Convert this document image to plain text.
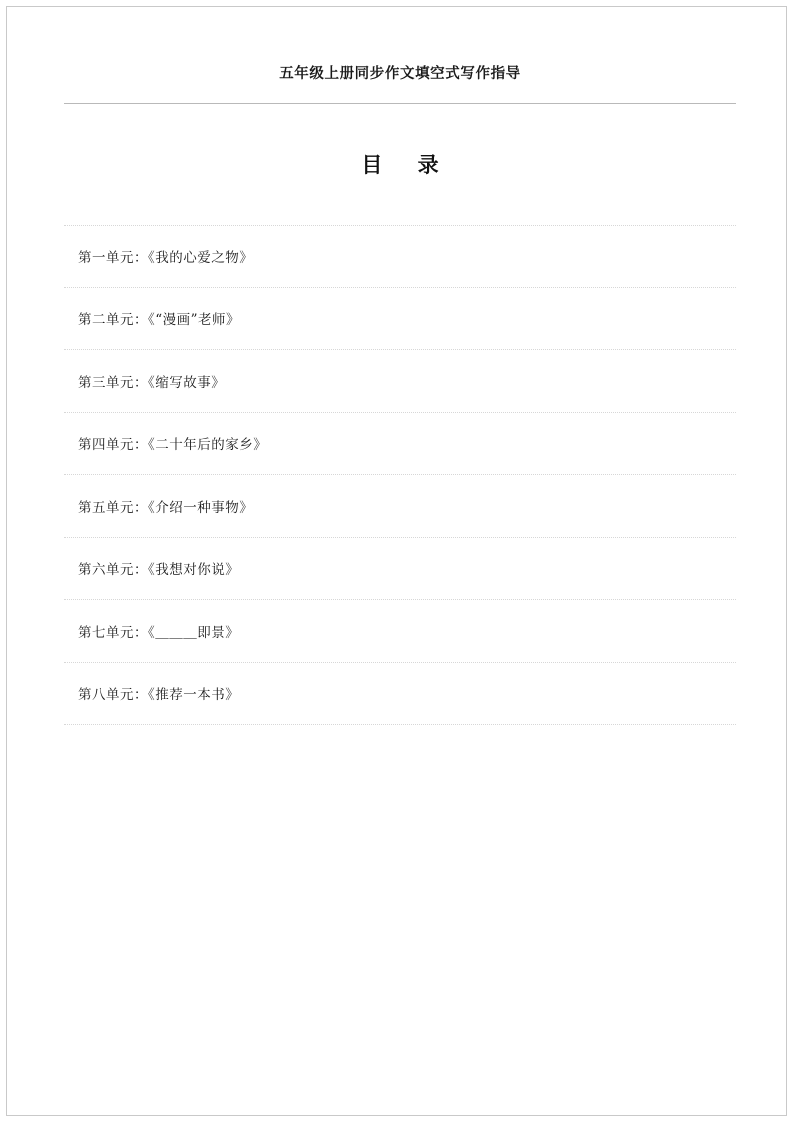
五年级上册同步作文填空式写作指导
目 录
第一单元：《我的心爱之物》
第二单元：《“漫画”老师》
第三单元：《缩写故事》
第四单元：《二十年后的家乡》
第五单元：《介绍一种事物》
第六单元：《我想对你说》
第七单元：《＿＿＿即景》
第八单元：《推荐一本书》
